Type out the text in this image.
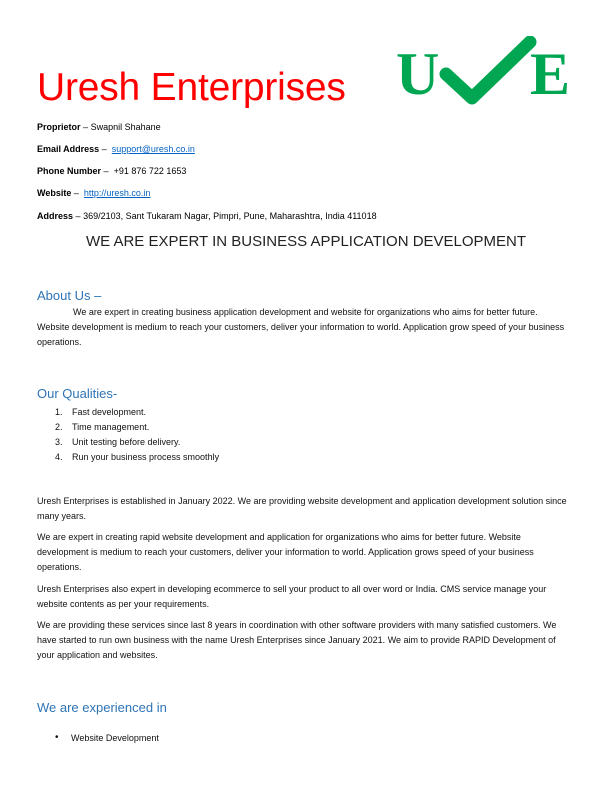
Uresh Enterprises U E
Proprietor – Swapnil Shahane
Email Address – support@uresh.co.in
Phone Number – +91 876 722 1653
Website – http://uresh.co.in
Address – 369/2103, Sant Tukaram Nagar, Pimpri, Pune, Maharashtra, India 411018
WE ARE EXPERT IN BUSINESS APPLICATION DEVELOPMENT
About Us –
We are expert in creating business application development and website for organizations who aims for better future. Website development is medium to reach your customers, deliver your information to world. Application grow speed of your business operations.
Our Qualities-
1. Fast development.
2. Time management.
3. Unit testing before delivery.
4. Run your business process smoothly
Uresh Enterprises is established in January 2022. We are providing website development and application development solution since many years.
We are expert in creating rapid website development and application for organizations who aims for better future. Website development is medium to reach your customers, deliver your information to world. Application grows speed of your business operations.
Uresh Enterprises also expert in developing ecommerce to sell your product to all over word or India. CMS service manage your website contents as per your requirements.
We are providing these services since last 8 years in coordination with other software providers with many satisfied customers. We have started to run own business with the name Uresh Enterprises since January 2021. We aim to provide RAPID Development of your application and websites.
We are experienced in
• Website Development
